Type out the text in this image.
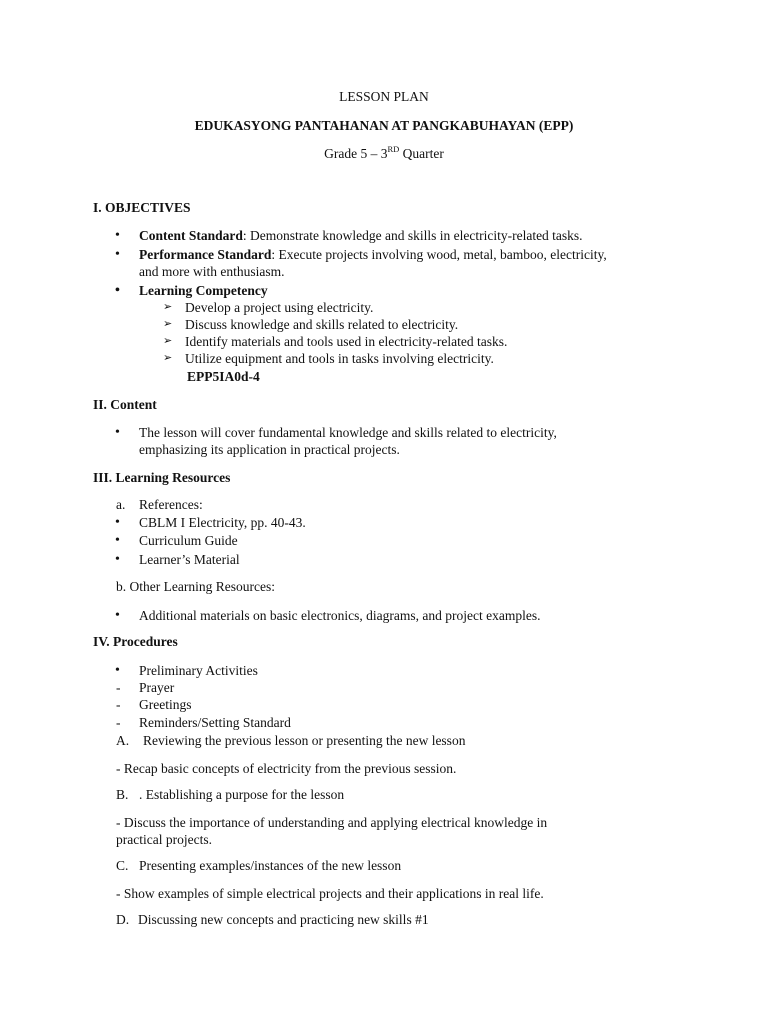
LESSON PLAN
EDUKASYONG PANTAHANAN AT PANGKABUHAYAN (EPP)
Grade 5 – 3RD Quarter
I. OBJECTIVES
• Content Standard: Demonstrate knowledge and skills in electricity-related tasks.
• Performance Standard: Execute projects involving wood, metal, bamboo, electricity,
and more with enthusiasm.
• Learning Competency
➢ Develop a project using electricity.
➢ Discuss knowledge and skills related to electricity.
➢ Identify materials and tools used in electricity-related tasks.
➢ Utilize equipment and tools in tasks involving electricity.
EPP5IA0d-4
II. Content
• The lesson will cover fundamental knowledge and skills related to electricity,
emphasizing its application in practical projects.
III. Learning Resources
a. References:
• CBLM I Electricity, pp. 40-43.
• Curriculum Guide
• Learner’s Material
b. Other Learning Resources:
• Additional materials on basic electronics, diagrams, and project examples.
IV. Procedures
• Preliminary Activities
- Prayer
- Greetings
- Reminders/Setting Standard
A. Reviewing the previous lesson or presenting the new lesson
- Recap basic concepts of electricity from the previous session.
B. . Establishing a purpose for the lesson
- Discuss the importance of understanding and applying electrical knowledge in
practical projects.
C. Presenting examples/instances of the new lesson
- Show examples of simple electrical projects and their applications in real life.
D. Discussing new concepts and practicing new skills #1
